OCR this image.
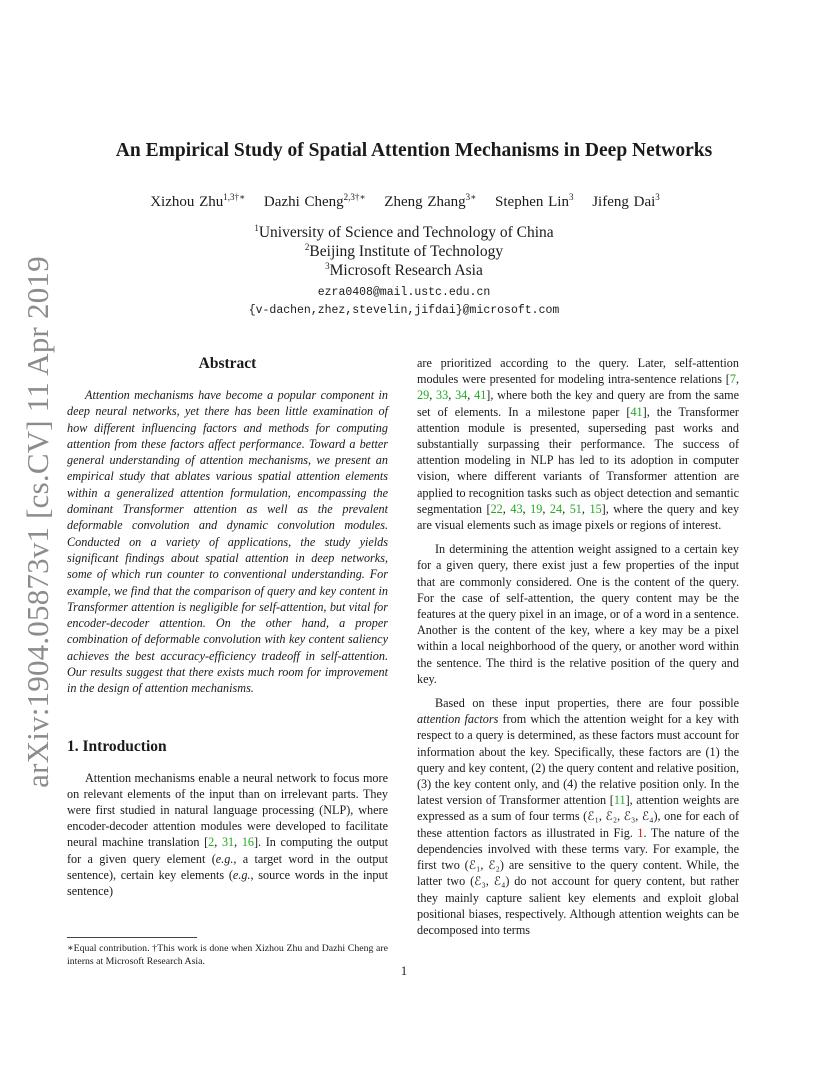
arXiv:1904.05873v1 [cs.CV] 11 Apr 2019
An Empirical Study of Spatial Attention Mechanisms in Deep Networks
Xizhou Zhu$^{1,3\dagger∗}$ Dazhi Cheng$^{2,3\dagger∗}$ Zheng Zhang$^{3∗}$ Stephen Lin$^3$ Jifeng Dai$^3$
$^1$University of Science and Technology of China
$^2$Beijing Institute of Technology
$^3$Microsoft Research Asia
ezra0408@mail.ustc.edu.cn
{v-dachen,zhez,stevelin,jifdai}@microsoft.com
Abstract

Attention mechanisms have become a popular component in deep neural networks, yet there has been little examination of how different influencing factors and methods for computing attention from these factors affect performance. Toward a better general understanding of attention mechanisms, we present an empirical study that ablates various spatial attention elements within a generalized attention formulation, encompassing the dominant Transformer attention as well as the prevalent deformable convolution and dynamic convolution modules. Conducted on a variety of applications, the study yields significant findings about spatial attention in deep networks, some of which run counter to conventional understanding. For example, we find that the comparison of query and key content in Transformer attention is negligible for self-attention, but vital for encoder-decoder attention. On the other hand, a proper combination of deformable convolution with key content saliency achieves the best accuracy-efficiency tradeoff in self-attention. Our results suggest that there exists much room for improvement in the design of attention mechanisms.

1. Introduction

Attention mechanisms enable a neural network to focus more on relevant elements of the input than on irrelevant parts. They were first studied in natural language processing (NLP), where encoder-decoder attention modules were developed to facilitate neural machine translation [2, 31, 16]. In computing the output for a given query element (e.g., a target word in the output sentence), certain key elements (e.g., source words in the input sentence)

are prioritized according to the query. Later, self-attention modules were presented for modeling intra-sentence relations [7, 29, 33, 34, 41], where both the key and query are from the same set of elements. In a milestone paper [41], the Transformer attention module is presented, superseding past works and substantially surpassing their performance. The success of attention modeling in NLP has led to its adoption in computer vision, where different variants of Transformer attention are applied to recognition tasks such as object detection and semantic segmentation [22, 43, 19, 24, 51, 15], where the query and key are visual elements such as image pixels or regions of interest.

In determining the attention weight assigned to a certain key for a given query, there exist just a few properties of the input that are commonly considered. One is the content of the query. For the case of self-attention, the query content may be the features at the query pixel in an image, or of a word in a sentence. Another is the content of the key, where a key may be a pixel within a local neighborhood of the query, or another word within the sentence. The third is the relative position of the query and key.

Based on these input properties, there are four possible attention factors from which the attention weight for a key with respect to a query is determined, as these factors must account for information about the key. Specifically, these factors are (1) the query and key content, (2) the query content and relative position, (3) the key content only, and (4) the relative position only. In the latest version of Transformer attention [11], attention weights are expressed as a sum of four terms (ℰ₁, ℰ₂, ℰ₃, ℰ₄), one for each of these attention factors as illustrated in Fig. 1. The nature of the dependencies involved with these terms vary. For example, the first two (ℰ₁, ℰ₂) are sensitive to the query content. While, the latter two (ℰ₃, ℰ₄) do not account for query content, but rather they mainly capture salient key elements and exploit global positional biases, respectively. Although attention weights can be decomposed into terms

∗Equal contribution. †This work is done when Xizhou Zhu and Dazhi Cheng are interns at Microsoft Research Asia.
1
